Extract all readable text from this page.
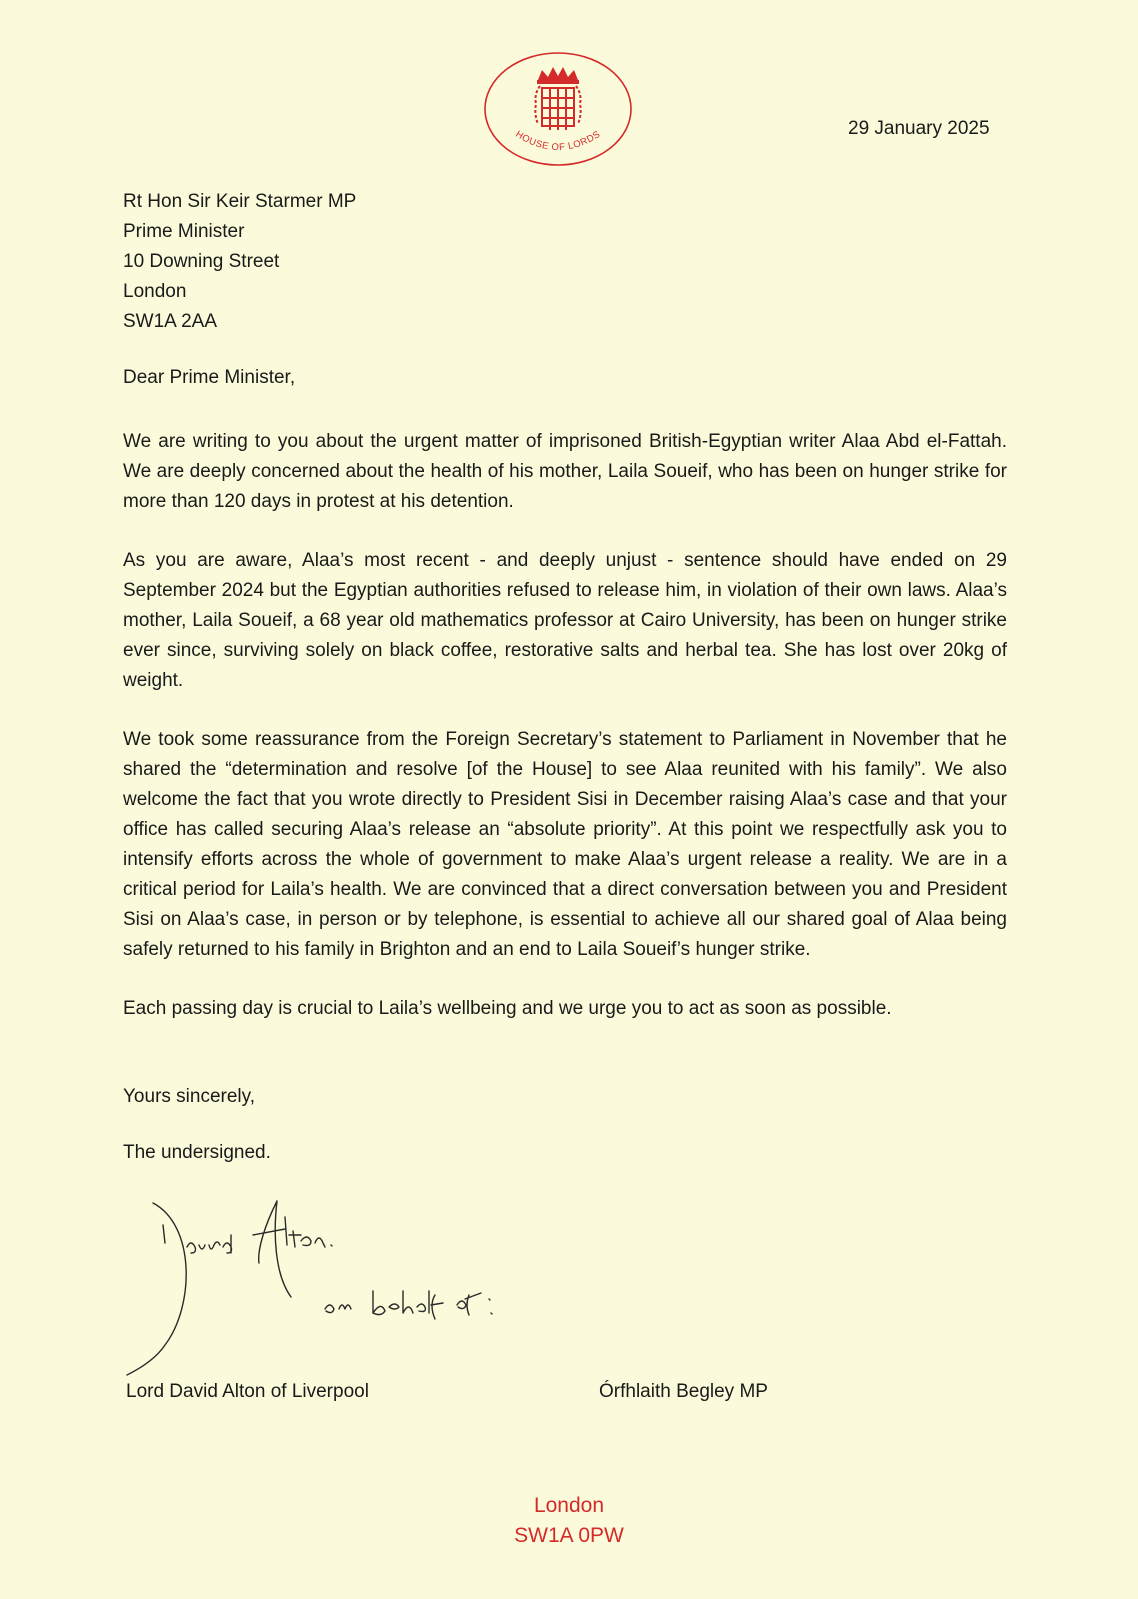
HOUSE OF LORDS	29 January 2025
Rt Hon Sir Keir Starmer MP
Prime Minister
10 Downing Street
London
SW1A 2AA
Dear Prime Minister,

We are writing to you about the urgent matter of imprisoned British-Egyptian writer Alaa Abd el-Fattah. We are deeply concerned about the health of his mother, Laila Soueif, who has been on hunger strike for more than 120 days in protest at his detention.

As you are aware, Alaa’s most recent - and deeply unjust - sentence should have ended on 29 September 2024 but the Egyptian authorities refused to release him, in violation of their own laws. Alaa’s mother, Laila Soueif, a 68 year old mathematics professor at Cairo University, has been on hunger strike ever since, surviving solely on black coffee, restorative salts and herbal tea. She has lost over 20kg of weight.

We took some reassurance from the Foreign Secretary’s statement to Parliament in November that he shared the “determination and resolve [of the House] to see Alaa reunited with his family”. We also welcome the fact that you wrote directly to President Sisi in December raising Alaa’s case and that your office has called securing Alaa’s release an “absolute priority”. At this point we respectfully ask you to intensify efforts across the whole of government to make Alaa’s urgent release a reality. We are in a critical period for Laila’s health. We are convinced that a direct conversation between you and President Sisi on Alaa’s case, in person or by telephone, is essential to achieve all our shared goal of Alaa being safely returned to his family in Brighton and an end to Laila Soueif’s hunger strike.

Each passing day is crucial to Laila’s wellbeing and we urge you to act as soon as possible.

Yours sincerely,
The undersigned.
Lord David Alton of Liverpool	Órfhlaith Begley MP
London
SW1A 0PW
